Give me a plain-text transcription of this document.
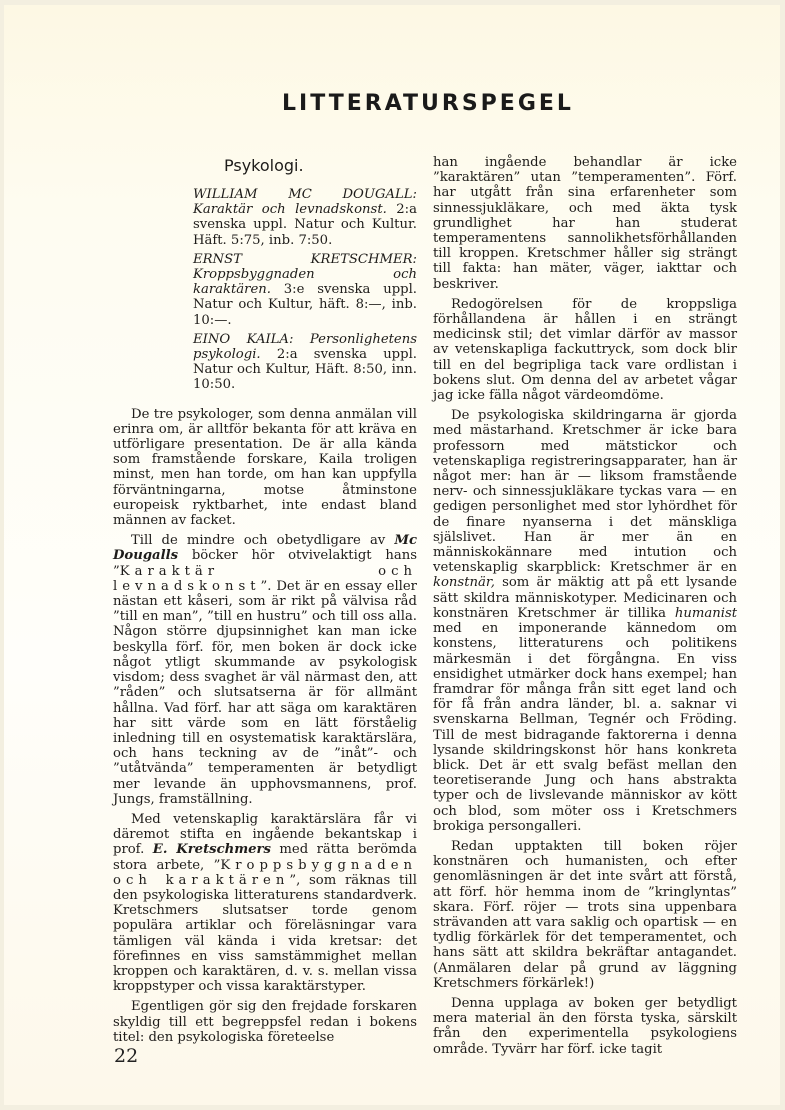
LITTERATURSPEGEL
Psykologi.
WILLIAM MC DOUGALL: Karaktär och levnadskonst. 2:a svenska uppl. Natur och Kultur. Häft. 5:75, inb. 7:50.
ERNST KRETSCHMER: Kroppsbyggnaden och karaktären. 3:e svenska uppl. Natur och Kultur, häft. 8:—, inb. 10:—.
EINO KAILA: Personlighetens psykologi. 2:a svenska uppl. Natur och Kultur, Häft. 8:50, inn. 10:50.

De tre psykologer, som denna anmälan vill erinra om, är alltför bekanta för att kräva en utförligare presentation. De är alla kända som framstående forskare, Kaila troligen minst, men han torde, om han kan uppfylla förväntningarna, motse åtminstone europeisk ryktbarhet, inte endast bland männen av facket.

Till de mindre och obetydligare av Mc Dougalls böcker hör otvivelaktigt hans ”Karaktär och levnadskonst”. Det är en essay eller nästan ett kåseri, som är rikt på välvisa råd ”till en man”, ”till en hustru” och till oss alla. Någon större djupsinnighet kan man icke beskylla förf. för, men boken är dock icke något ytligt skummande av psykologisk visdom; dess svaghet är väl närmast den, att ”råden” och slutsatserna är för allmänt hållna. Vad förf. har att säga om karaktären har sitt värde som en lätt förståelig inledning till en osystematisk karaktärslära, och hans teckning av de ”inåt”- och ”utåtvända” temperamenten är betydligt mer levande än upphovsmannens, prof. Jungs, framställning.

Med vetenskaplig karaktärslära får vi däremot stifta en ingående bekantskap i prof. E. Kretschmers med rätta berömda stora arbete, ”Kroppsbyggnaden och karaktären”, som räknas till den psykologiska litteraturens standardverk. Kretschmers slutsatser torde genom populära artiklar och föreläsningar vara tämligen väl kända i vida kretsar: det förefinnes en viss samstämmighet mellan kroppen och karaktären, d. v. s. mellan vissa kroppstyper och vissa karaktärstyper.

Egentligen gör sig den frejdade forskaren skyldig till ett begreppsfel redan i bokens titel: den psykologiska företeelse

han ingående behandlar är icke ”karaktären” utan ”temperamenten”. Förf. har utgått från sina erfarenheter som sinnessjukläkare, och med äkta tysk grundlighet har han studerat temperamentens sannolikhetsförhållanden till kroppen. Kretschmer håller sig strängt till fakta: han mäter, väger, iakttar och beskriver.

Redogörelsen för de kroppsliga förhållandena är hållen i en strängt medicinsk stil; det vimlar därför av massor av vetenskapliga fackuttryck, som dock blir till en del begripliga tack vare ordlistan i bokens slut. Om denna del av arbetet vågar jag icke fälla något värdeomdöme.

De psykologiska skildringarna är gjorda med mästarhand. Kretschmer är icke bara professorn med mätstickor och vetenskapliga registreringsapparater, han är något mer: han är — liksom framstående nerv- och sinnessjukläkare tyckas vara — en gedigen personlighet med stor lyhördhet för de finare nyanserna i det mänskliga själslivet. Han är mer än en människokännare med intution och vetenskaplig skarpblick: Kretschmer är en konstnär, som är mäktig att på ett lysande sätt skildra människotyper. Medicinaren och konstnären Kretschmer är tillika humanist med en imponerande kännedom om konstens, litteraturens och politikens märkesmän i det förgångna. En viss ensidighet utmärker dock hans exempel; han framdrar för många från sitt eget land och för få från andra länder, bl. a. saknar vi svenskarna Bellman, Tegnér och Fröding. Till de mest bidragande faktorerna i denna lysande skildringskonst hör hans konkreta blick. Det är ett svalg befäst mellan den teoretiserande Jung och hans abstrakta typer och de livslevande människor av kött och blod, som möter oss i Kretschmers brokiga persongalleri.

Redan upptakten till boken röjer konstnären och humanisten, och efter genomläsningen är det inte svårt att förstå, att förf. hör hemma inom de ”kringlyntas” skara. Förf. röjer — trots sina uppenbara strävanden att vara saklig och opartisk — en tydlig förkärlek för det temperamentet, och hans sätt att skildra bekräftar antagandet. (Anmälaren delar på grund av läggning Kretschmers förkärlek!)

Denna upplaga av boken ger betydligt mera material än den första tyska, särskilt från den experimentella psykologiens område. Tyvärr har förf. icke tagit

22
